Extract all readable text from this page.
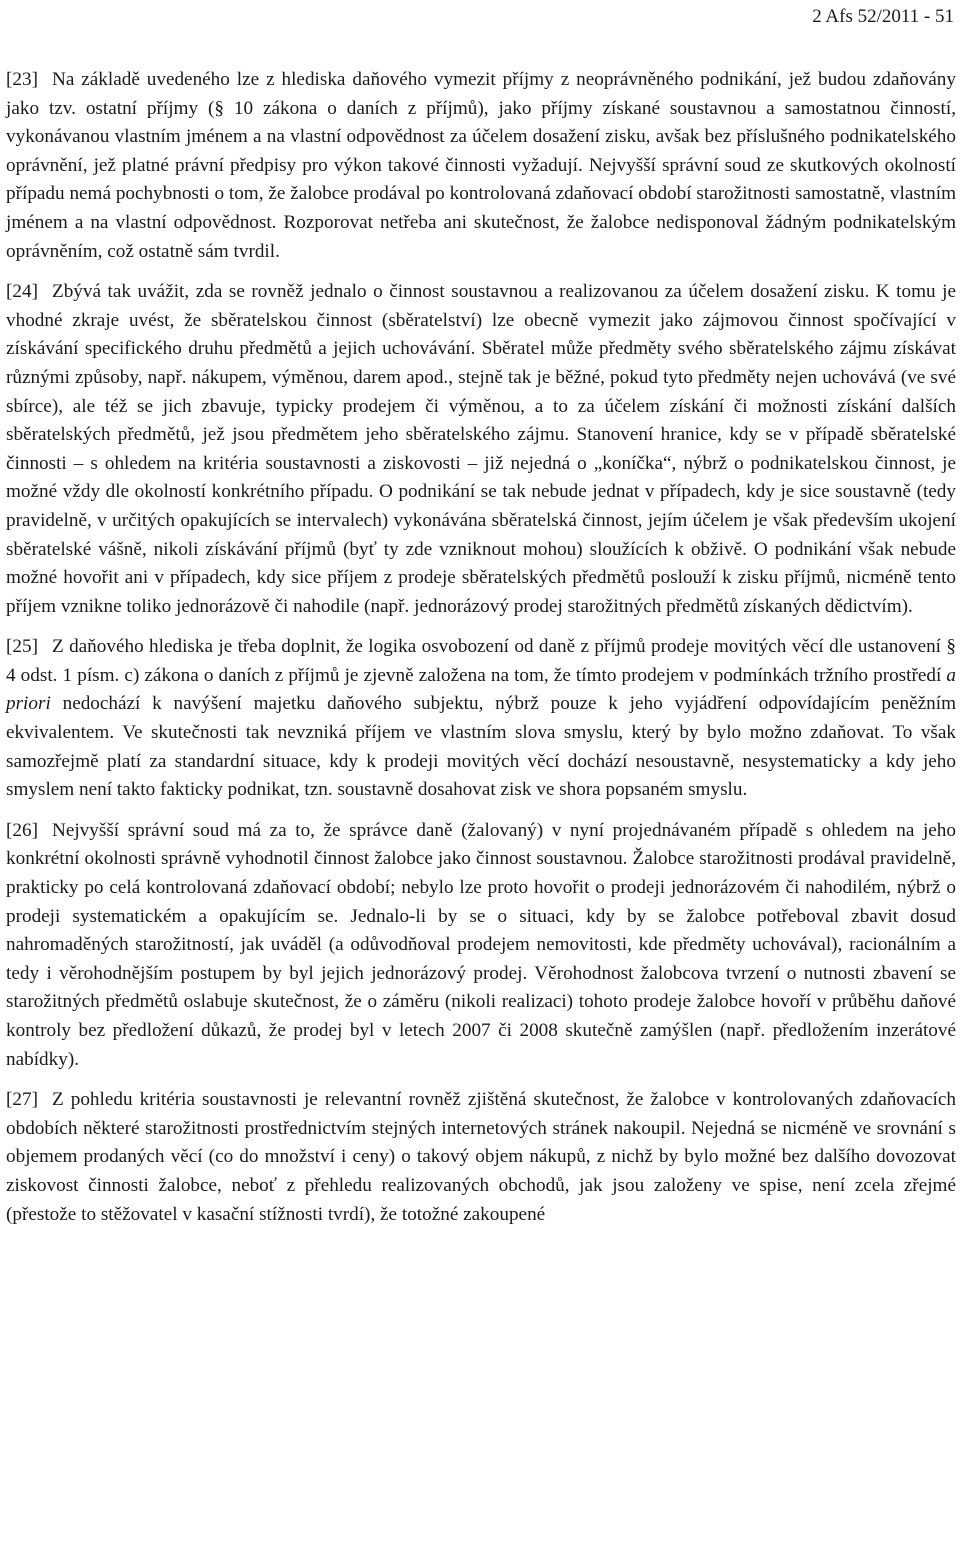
2 Afs 52/2011 - 51

[23] Na základě uvedeného lze z hlediska daňového vymezit příjmy z neoprávněného podnikání, jež budou zdaňovány jako tzv. ostatní příjmy (§ 10 zákona o daních z příjmů), jako příjmy získané soustavnou a samostatnou činností, vykonávanou vlastním jménem a na vlastní odpovědnost za účelem dosažení zisku, avšak bez příslušného podnikatelského oprávnění, jež platné právní předpisy pro výkon takové činnosti vyžadují. Nejvyšší správní soud ze skutkových okolností případu nemá pochybnosti o tom, že žalobce prodával po kontrolovaná zdaňovací období starožitnosti samostatně, vlastním jménem a na vlastní odpovědnost. Rozporovat netřeba ani skutečnost, že žalobce nedisponoval žádným podnikatelským oprávněním, což ostatně sám tvrdil.

[24] Zbývá tak uvážit, zda se rovněž jednalo o činnost soustavnou a realizovanou za účelem dosažení zisku. K tomu je vhodné zkraje uvést, že sběratelskou činnost (sběratelství) lze obecně vymezit jako zájmovou činnost spočívající v získávání specifického druhu předmětů a jejich uchovávání. Sběratel může předměty svého sběratelského zájmu získávat různými způsoby, např. nákupem, výměnou, darem apod., stejně tak je běžné, pokud tyto předměty nejen uchovává (ve své sbírce), ale též se jich zbavuje, typicky prodejem či výměnou, a to za účelem získání či možnosti získání dalších sběratelských předmětů, jež jsou předmětem jeho sběratelského zájmu. Stanovení hranice, kdy se v případě sběratelské činnosti – s ohledem na kritéria soustavnosti a ziskovosti – již nejedná o „koníčka“, nýbrž o podnikatelskou činnost, je možné vždy dle okolností konkrétního případu. O podnikání se tak nebude jednat v případech, kdy je sice soustavně (tedy pravidelně, v určitých opakujících se intervalech) vykonávána sběratelská činnost, jejím účelem je však především ukojení sběratelské vášně, nikoli získávání příjmů (byť ty zde vzniknout mohou) sloužících k obživě. O podnikání však nebude možné hovořit ani v případech, kdy sice příjem z prodeje sběratelských předmětů poslouží k zisku příjmů, nicméně tento příjem vznikne toliko jednorázově či nahodile (např. jednorázový prodej starožitných předmětů získaných dědictvím).

[25] Z daňového hlediska je třeba doplnit, že logika osvobození od daně z příjmů prodeje movitých věcí dle ustanovení § 4 odst. 1 písm. c) zákona o daních z příjmů je zjevně založena na tom, že tímto prodejem v podmínkách tržního prostředí a priori nedochází k navýšení majetku daňového subjektu, nýbrž pouze k jeho vyjádření odpovídajícím peněžním ekvivalentem. Ve skutečnosti tak nevzniká příjem ve vlastním slova smyslu, který by bylo možno zdaňovat. To však samozřejmě platí za standardní situace, kdy k prodeji movitých věcí dochází nesoustavně, nesystematicky a kdy jeho smyslem není takto fakticky podnikat, tzn. soustavně dosahovat zisk ve shora popsaném smyslu.

[26] Nejvyšší správní soud má za to, že správce daně (žalovaný) v nyní projednávaném případě s ohledem na jeho konkrétní okolnosti správně vyhodnotil činnost žalobce jako činnost soustavnou. Žalobce starožitnosti prodával pravidelně, prakticky po celá kontrolovaná zdaňovací období; nebylo lze proto hovořit o prodeji jednorázovém či nahodilém, nýbrž o prodeji systematickém a opakujícím se. Jednalo-li by se o situaci, kdy by se žalobce potřeboval zbavit dosud nahromaděných starožitností, jak uváděl (a odůvodňoval prodejem nemovitosti, kde předměty uchovával), racionálním a tedy i věrohodnějším postupem by byl jejich jednorázový prodej. Věrohodnost žalobcova tvrzení o nutnosti zbavení se starožitných předmětů oslabuje skutečnost, že o záměru (nikoli realizaci) tohoto prodeje žalobce hovoří v průběhu daňové kontroly bez předložení důkazů, že prodej byl v letech 2007 či 2008 skutečně zamýšlen (např. předložením inzerátové nabídky).

[27] Z pohledu kritéria soustavnosti je relevantní rovněž zjištěná skutečnost, že žalobce v kontrolovaných zdaňovacích obdobích některé starožitnosti prostřednictvím stejných internetových stránek nakoupil. Nejedná se nicméně ve srovnání s objemem prodaných věcí (co do množství i ceny) o takový objem nákupů, z nichž by bylo možné bez dalšího dovozovat ziskovost činnosti žalobce, neboť z přehledu realizovaných obchodů, jak jsou založeny ve spise, není zcela zřejmé (přestože to stěžovatel v kasační stížnosti tvrdí), že totožné zakoupené
